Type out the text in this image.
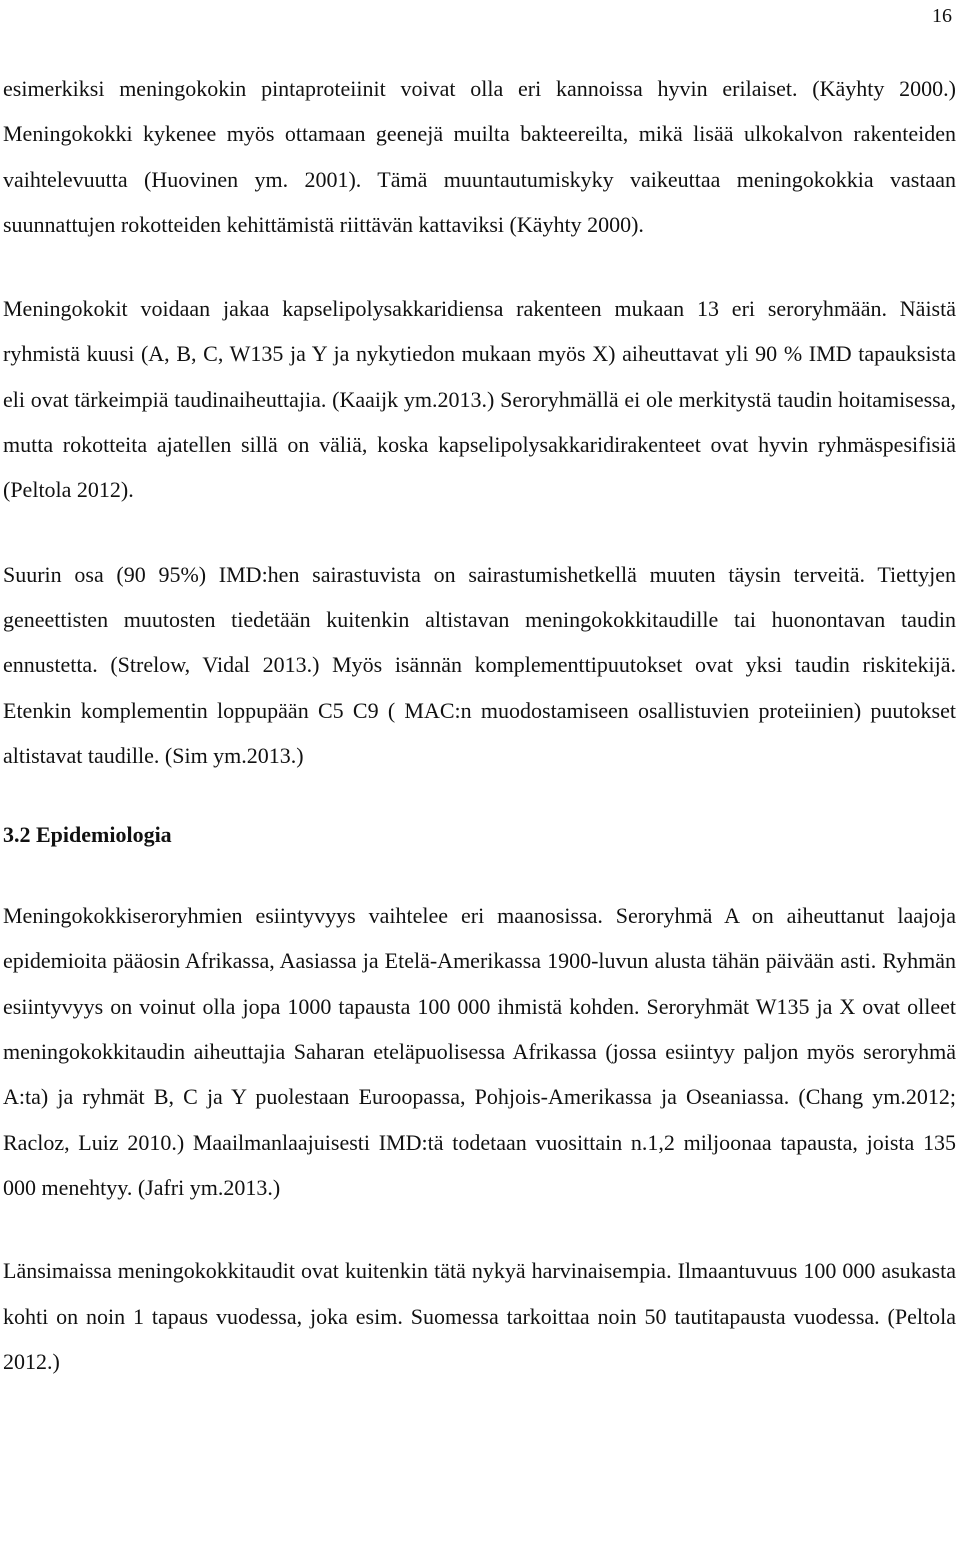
16

esimerkiksi meningokokin pintaproteiinit voivat olla eri kannoissa hyvin erilaiset. (Käyhty 2000.) Meningokokki kykenee myös ottamaan geenejä muilta bakteereilta, mikä lisää ulkokalvon rakenteiden vaihtelevuutta (Huovinen ym. 2001). Tämä muuntautumiskyky vaikeuttaa meningokokkia vastaan suunnattujen rokotteiden kehittämistä riittävän kattaviksi (Käyhty 2000).

Meningokokit voidaan jakaa kapselipolysakkaridiensa rakenteen mukaan 13 eri seroryhmään. Näistä ryhmistä kuusi (A, B, C, W135 ja Y ja nykytiedon mukaan myös X) aiheuttavat yli 90 % IMD tapauksista eli ovat tärkeimpiä taudinaiheuttajia. (Kaaijk ym.2013.) Seroryhmällä ei ole merkitystä taudin hoitamisessa, mutta rokotteita ajatellen sillä on väliä, koska kapselipolysakkaridirakenteet ovat hyvin ryhmäspesifisiä (Peltola 2012).

Suurin osa (90 95%) IMD:hen sairastuvista on sairastumishetkellä muuten täysin terveitä. Tiettyjen geneettisten muutosten tiedetään kuitenkin altistavan meningokokkitaudille tai huonontavan taudin ennustetta. (Strelow, Vidal 2013.) Myös isännän komplementtipuutokset ovat yksi taudin riskitekijä. Etenkin komplementin loppupään C5 C9 ( MAC:n muodostamiseen osallistuvien proteiinien) puutokset altistavat taudille. (Sim ym.2013.)

3.2 Epidemiologia

Meningokokkiseroryhmien esiintyvyys vaihtelee eri maanosissa. Seroryhmä A on aiheuttanut laajoja epidemioita pääosin Afrikassa, Aasiassa ja Etelä-Amerikassa 1900-luvun alusta tähän päivään asti. Ryhmän esiintyvyys on voinut olla jopa 1000 tapausta 100 000 ihmistä kohden. Seroryhmät W135 ja X ovat olleet meningokokkitaudin aiheuttajia Saharan eteläpuolisessa Afrikassa (jossa esiintyy paljon myös seroryhmä A:ta) ja ryhmät B, C ja Y puolestaan Euroopassa, Pohjois-Amerikassa ja Oseaniassa. (Chang ym.2012; Racloz, Luiz 2010.) Maailmanlaajuisesti IMD:tä todetaan vuosittain n.1,2 miljoonaa tapausta, joista 135 000 menehtyy. (Jafri ym.2013.)

Länsimaissa meningokokkitaudit ovat kuitenkin tätä nykyä harvinaisempia. Ilmaantuvuus 100 000 asukasta kohti on noin 1 tapaus vuodessa, joka esim. Suomessa tarkoittaa noin 50 tautitapausta vuodessa. (Peltola 2012.)
